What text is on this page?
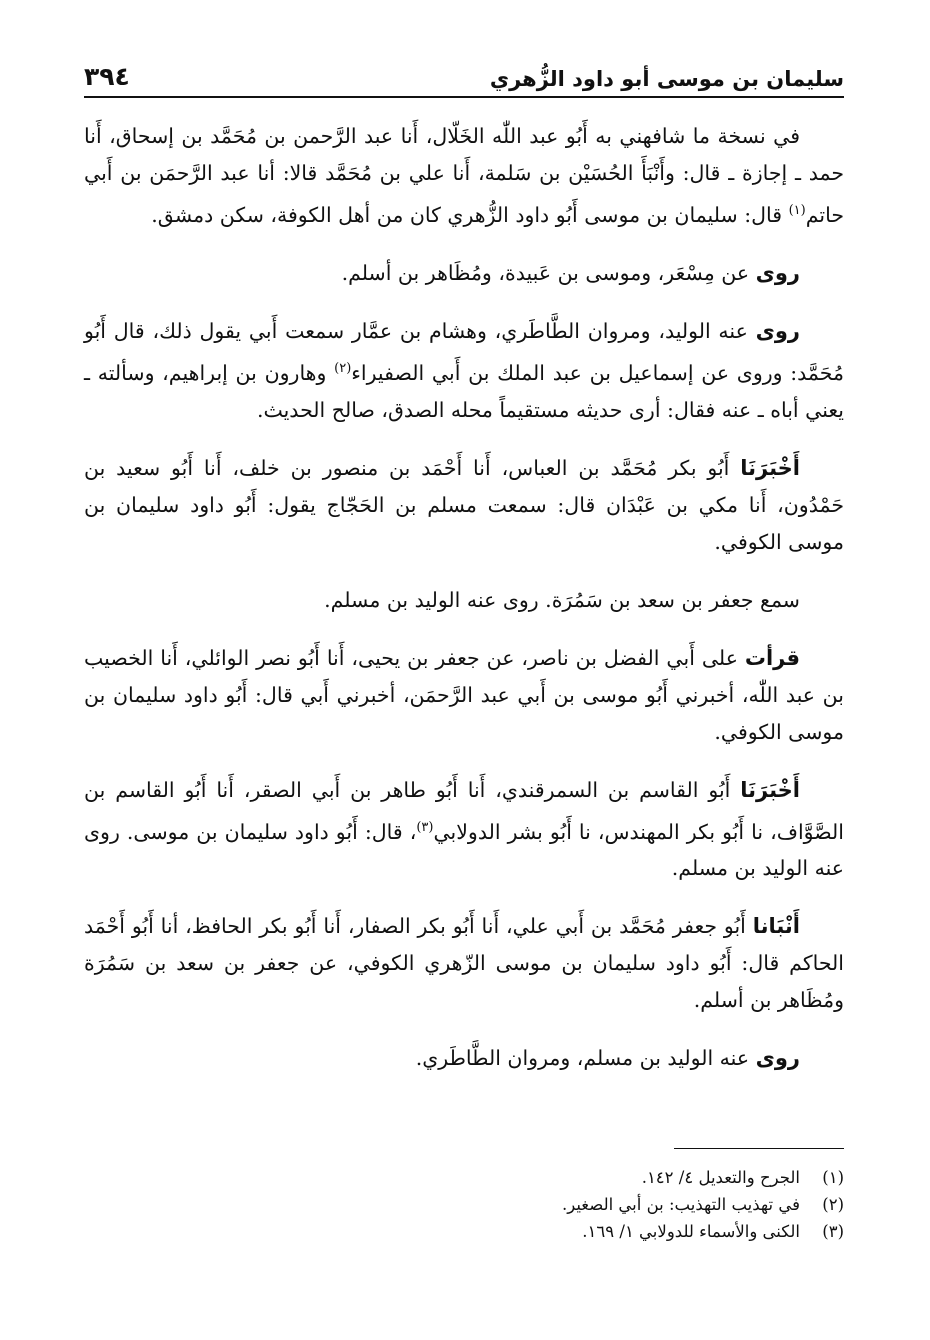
٣٩٤	سليمان بن موسى أبو داود الزُّهري

في نسخة ما شافهني به أَبُو عبد اللّٰه الخَلّال، أَنا عبد الرَّحمن بن مُحَمَّد بن إسحاق، أَنا حمد ـ إجازة ـ قال: وأَنْبَأَ الحُسَيْن بن سَلمة، أَنا علي بن مُحَمَّد قالا: أنا عبد الرَّحمَن بن أَبي حاتم$^{(١)}$ قال: سليمان بن موسى أَبُو داود الزُّهري كان من أهل الكوفة، سكن دمشق.

روى عن مِسْعَر، وموسى بن عَبيدة، ومُظَاهر بن أسلم.

روى عنه الوليد، ومروان الطَّاطَري، وهشام بن عمَّار سمعت أَبي يقول ذلك، قال أَبُو مُحَمَّد: وروى عن إسماعيل بن عبد الملك بن أَبي الصفيراء$^{(٢)}$ وهارون بن إبراهيم، وسألته ـ يعني أباه ـ عنه فقال: أرى حديثه مستقيماً محله الصدق، صالح الحديث.

أَخْبَرَنَا أَبُو بكر مُحَمَّد بن العباس، أَنا أَحْمَد بن منصور بن خلف، أَنا أَبُو سعيد بن حَمْدُون، أَنا مكي بن عَبْدَان قال: سمعت مسلم بن الحَجّاج يقول: أَبُو داود سليمان بن موسى الكوفي.

سمع جعفر بن سعد بن سَمُرَة. روى عنه الوليد بن مسلم.

قرأت على أَبي الفضل بن ناصر، عن جعفر بن يحيى، أَنا أَبُو نصر الوائلي، أَنا الخصيب بن عبد اللّٰه، أخبرني أَبُو موسى بن أَبي عبد الرَّحمَن، أخبرني أَبي قال: أَبُو داود سليمان بن موسى الكوفي.

أَخْبَرَنَا أَبُو القاسم بن السمرقندي، أَنا أَبُو طاهر بن أَبي الصقر، أَنا أَبُو القاسم بن الصَّوَّاف، نا أَبُو بكر المهندس، نا أَبُو بشر الدولابي$^{(٣)}$، قال: أَبُو داود سليمان بن موسى. روى عنه الوليد بن مسلم.

أَنْبَانا أَبُو جعفر مُحَمَّد بن أَبي علي، أَنا أَبُو بكر الصفار، أَنا أَبُو بكر الحافظ، أنا أَبُو أَحْمَد الحاكم قال: أَبُو داود سليمان بن موسى الزّهري الكوفي، عن جعفر بن سعد بن سَمُرَة ومُظَاهر بن أسلم.

روى عنه الوليد بن مسلم، ومروان الطَّاطَري.

(١)
الجرح والتعديل ٤/ ١٤٢.
(٢)
في تهذيب التهذيب: بن أبي الصغير.
(٣)
الكنى والأسماء للدولابي ١/ ١٦٩.
